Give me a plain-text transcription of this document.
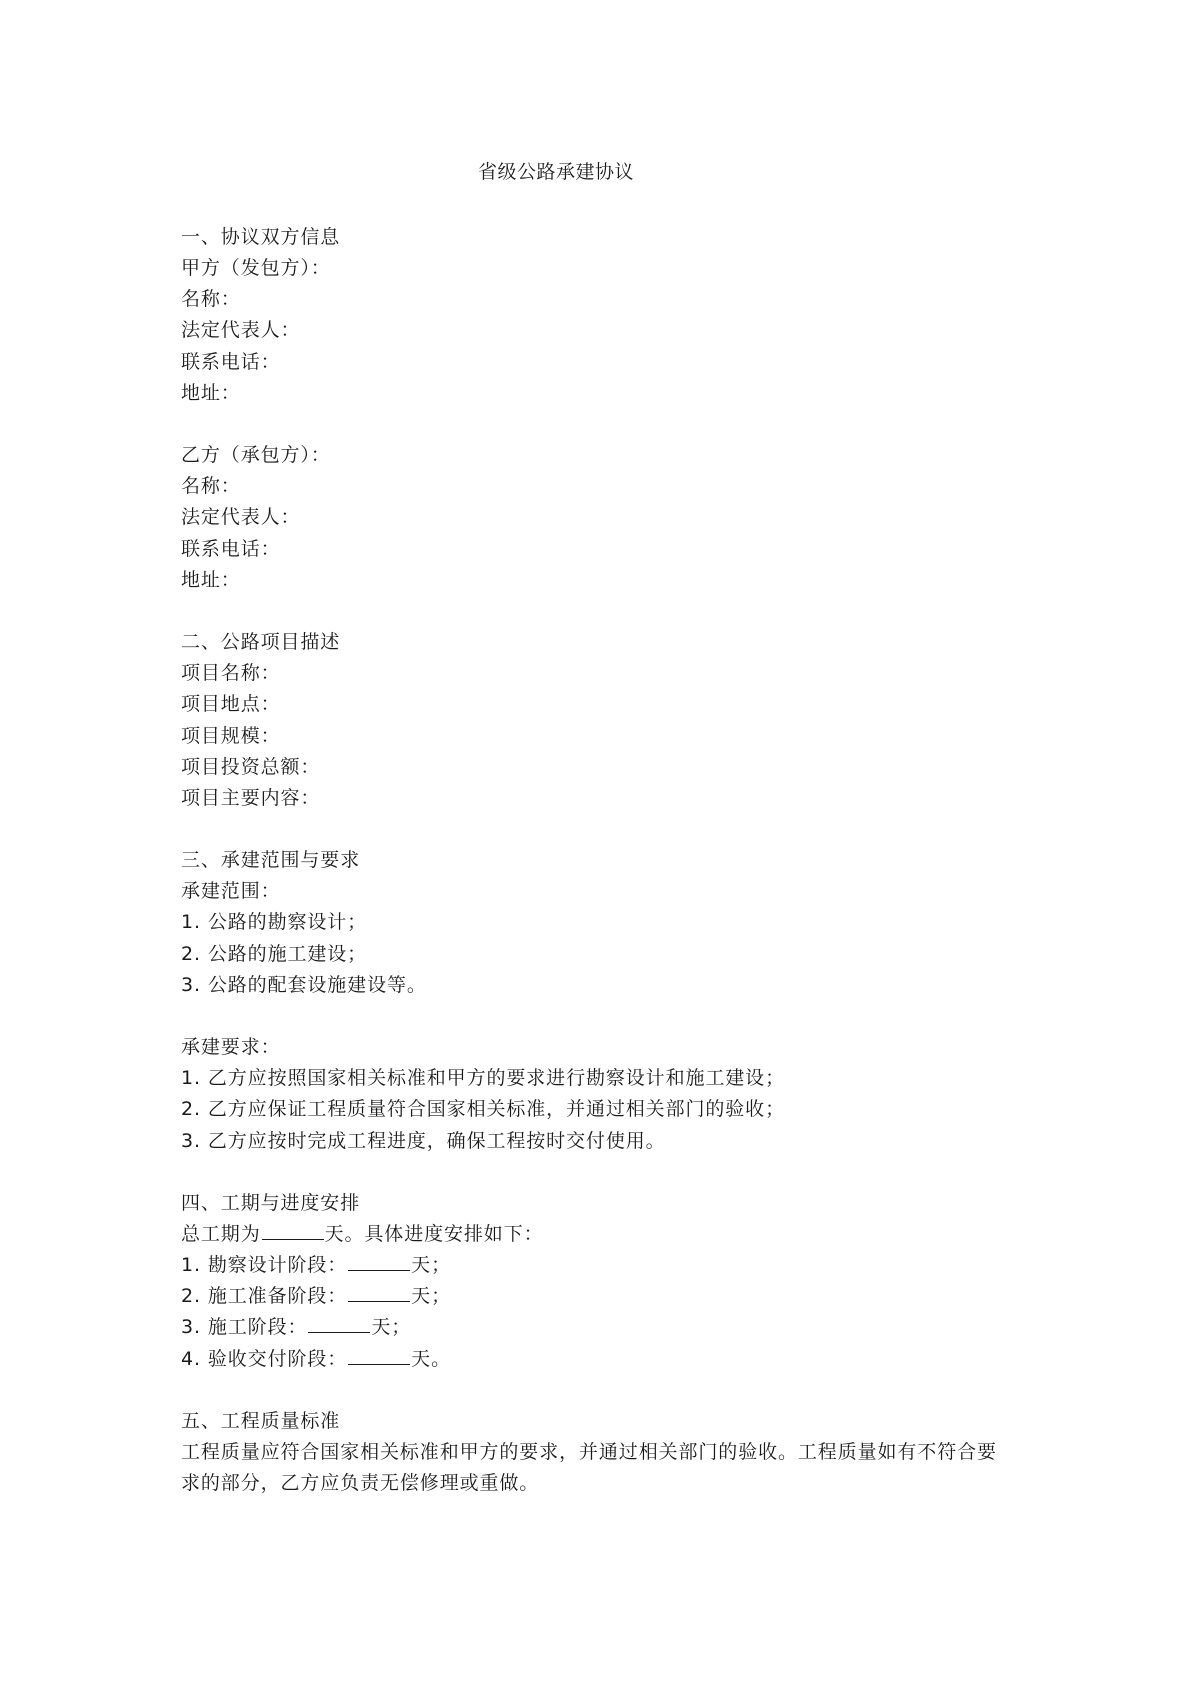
省级公路承建协议
一、协议双方信息
甲方（发包方）：
名称：
法定代表人：
联系电话：
地址：
乙方（承包方）：
名称：
法定代表人：
联系电话：
地址：
二、公路项目描述
项目名称：
项目地点：
项目规模：
项目投资总额：
项目主要内容：
三、承建范围与要求
承建范围：
1. 公路的勘察设计；
2. 公路的施工建设；
3. 公路的配套设施建设等。
承建要求：
1. 乙方应按照国家相关标准和甲方的要求进行勘察设计和施工建设；
2. 乙方应保证工程质量符合国家相关标准，并通过相关部门的验收；
3. 乙方应按时完成工程进度，确保工程按时交付使用。
四、工期与进度安排
总工期为	天。具体进度安排如下：
1. 勘察设计阶段：	天；
2. 施工准备阶段：	天；
3. 施工阶段：	天；
4. 验收交付阶段：	天。
五、工程质量标准
工程质量应符合国家相关标准和甲方的要求，并通过相关部门的验收。工程质量如有不符合要求的部分，乙方应负责无偿修理或重做。
